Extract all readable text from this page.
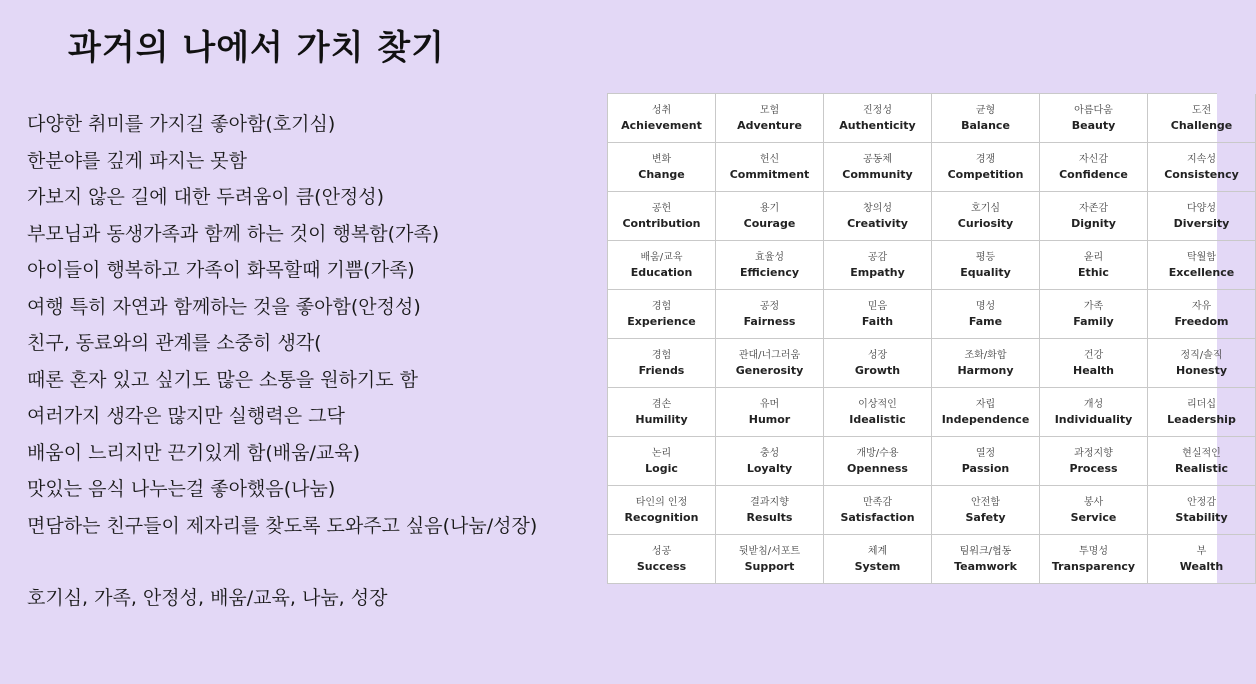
과거의 나에서 가치 찾기
다양한 취미를 가지길 좋아함(호기심)
한분야를 깊게 파지는 못함
가보지 않은 길에 대한 두려움이 큼(안정성)
부모님과 동생가족과 함께 하는 것이 행복함(가족)
아이들이 행복하고 가족이 화목할때 기쁨(가족)
여행 특히 자연과 함께하는 것을 좋아함(안정성)
친구, 동료와의 관계를 소중히 생각(
때론 혼자 있고 싶기도 많은 소통을 원하기도 함
여러가지 생각은 많지만 실행력은 그닥
배움이 느리지만 끈기있게 함(배움/교육)
맛있는 음식 나누는걸 좋아했음(나눔)
면담하는 친구들이 제자리를 찾도록 도와주고 싶음(나눔/성장)
호기심, 가족, 안정성, 배움/교육, 나눔, 성장
성취
Achievement
모험
Adventure
진정성
Authenticity
균형
Balance
아름다움
Beauty
도전
Challenge
변화
Change
헌신
Commitment
공동체
Community
경쟁
Competition
자신감
Confidence
지속성
Consistency
공헌
Contribution
용기
Courage
창의성
Creativity
호기심
Curiosity
자존감
Dignity
다양성
Diversity
배움/교육
Education
효율성
Efficiency
공감
Empathy
평등
Equality
윤리
Ethic
탁월함
Excellence
경험
Experience
공정
Fairness
믿음
Faith
명성
Fame
가족
Family
자유
Freedom
경험
Friends
관대/너그러움
Generosity
성장
Growth
조화/화합
Harmony
건강
Health
정직/솔직
Honesty
겸손
Humility
유머
Humor
이상적인
Idealistic
자립
Independence
개성
Individuality
리더십
Leadership
논리
Logic
충성
Loyalty
개방/수용
Openness
열정
Passion
과정지향
Process
현실적인
Realistic
타인의 인정
Recognition
결과지향
Results
만족감
Satisfaction
안전함
Safety
봉사
Service
안정감
Stability
성공
Success
뒷받침/서포트
Support
체계
System
팀워크/협동
Teamwork
투명성
Transparency
부
Wealth
